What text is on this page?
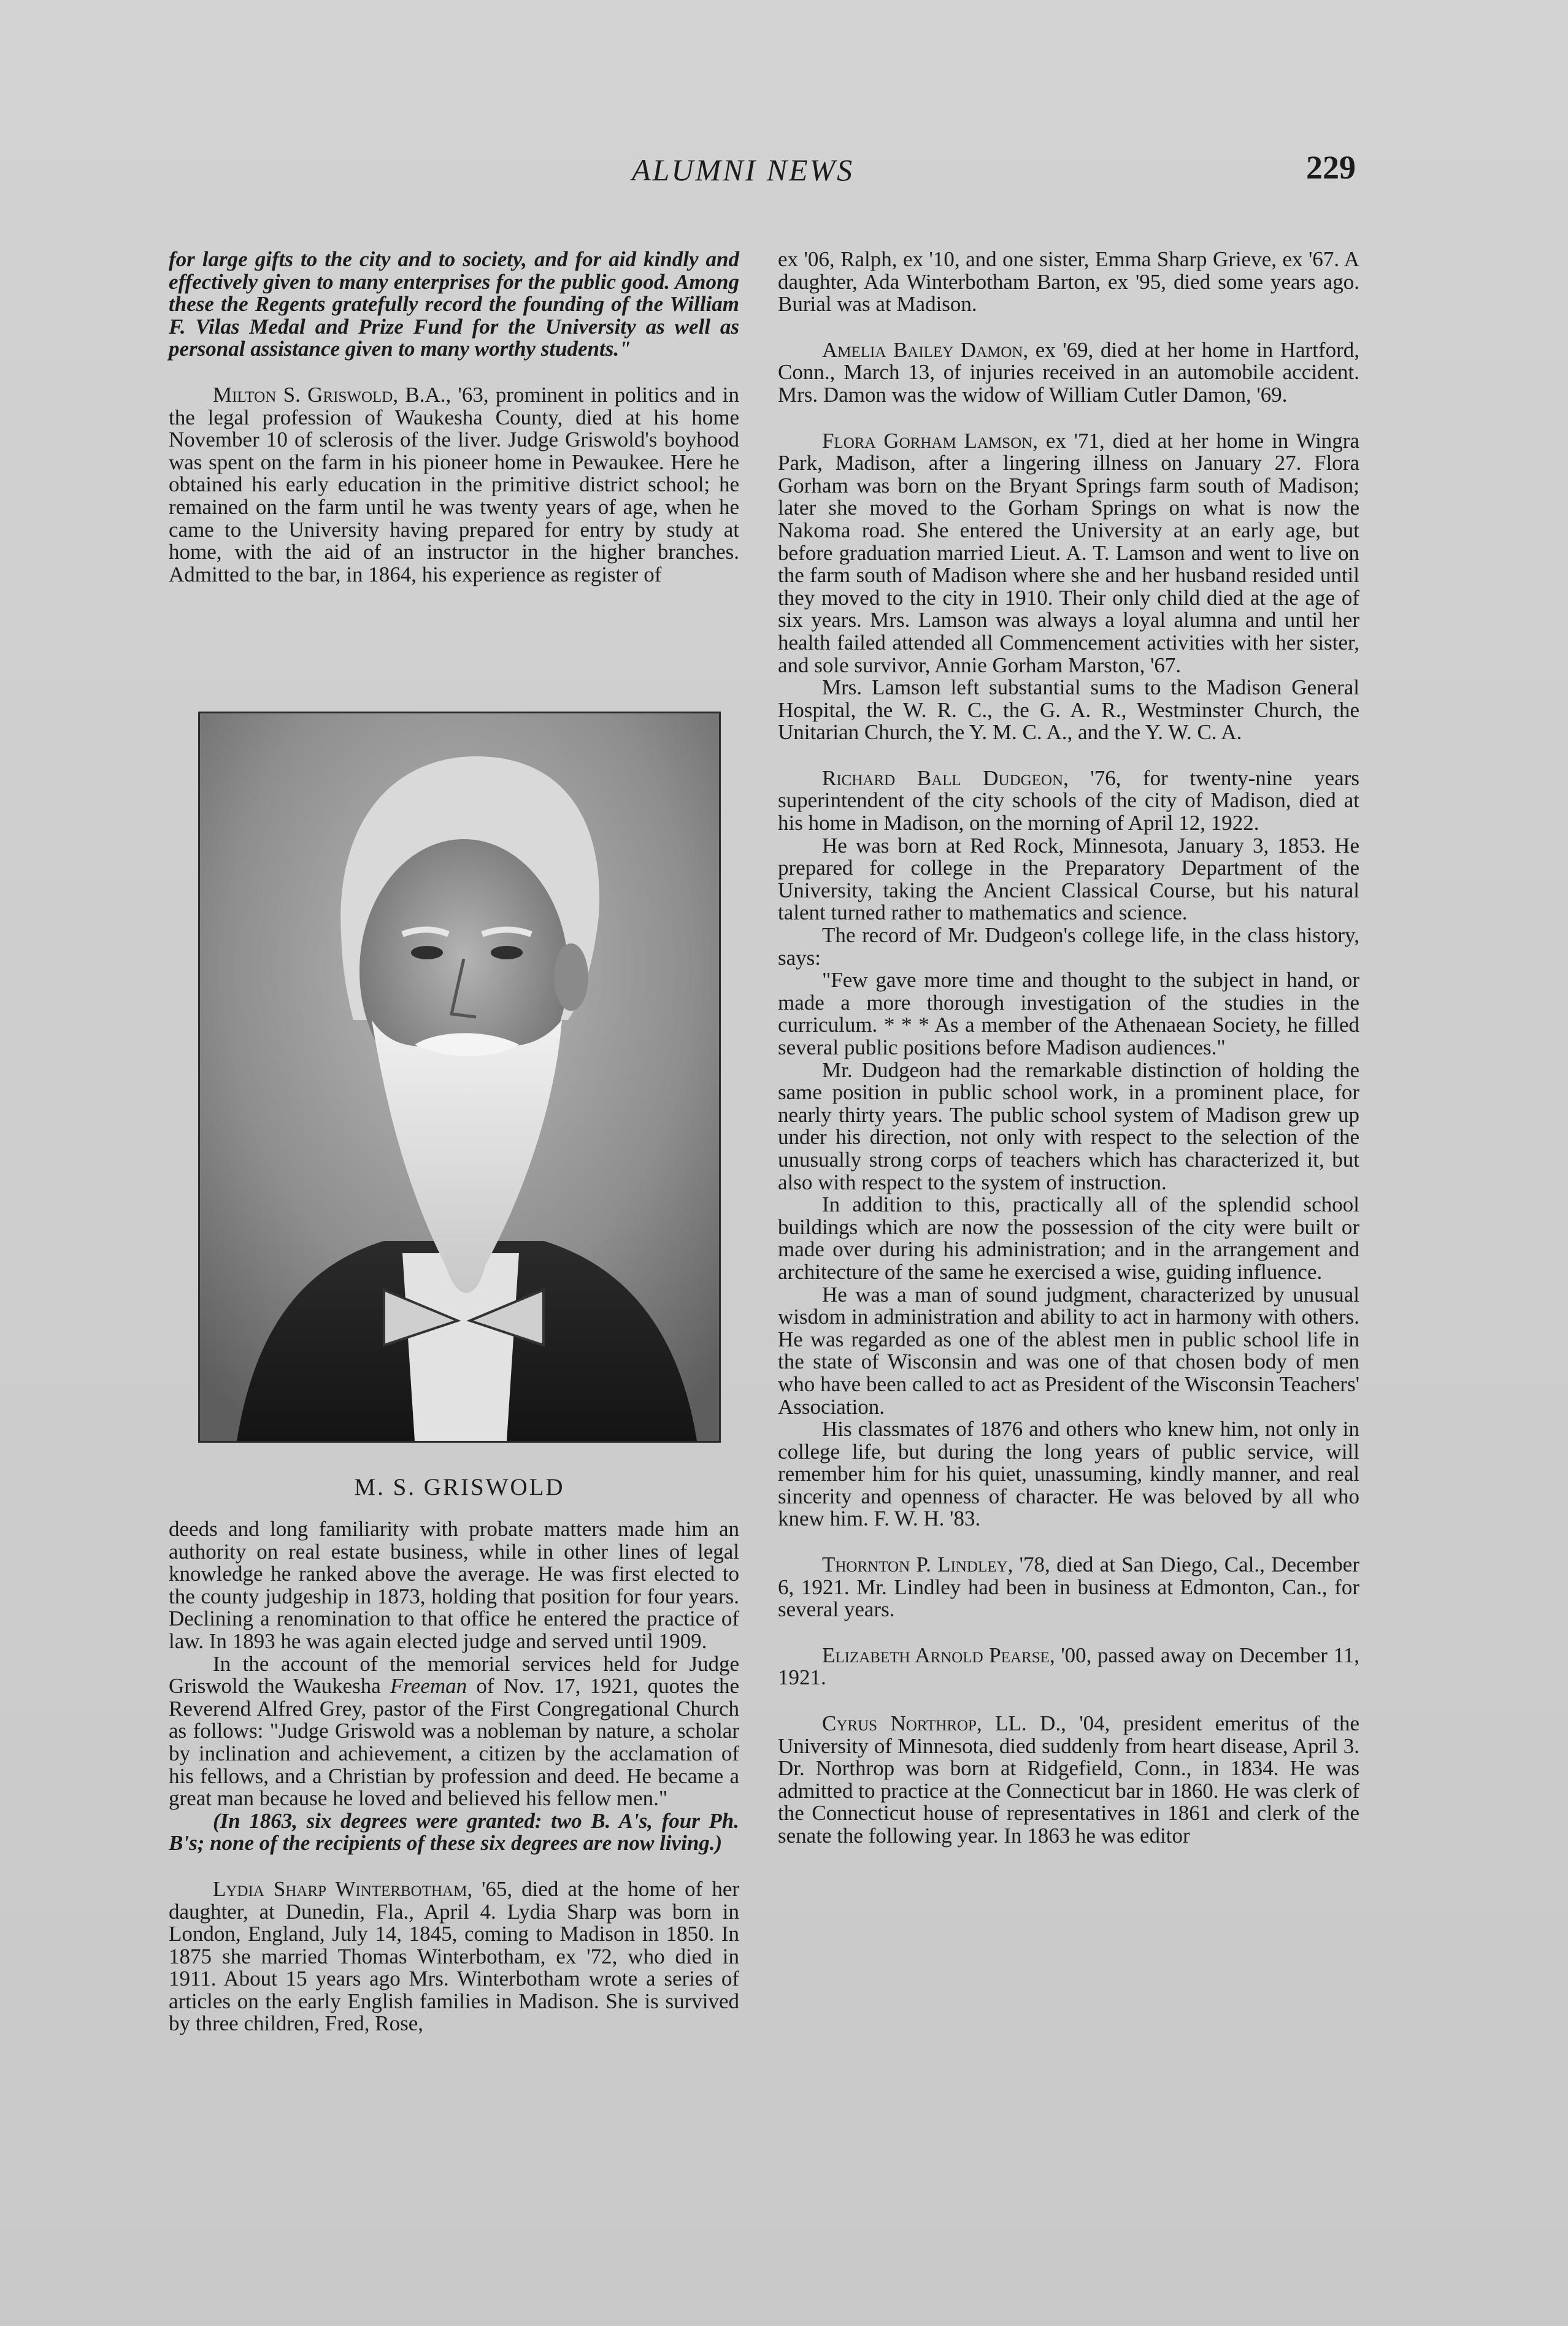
ALUMNI NEWS	229

for large gifts to the city and to society, and for aid kindly and effectively given to many enterprises for the public good. Among these the Regents gratefully record the founding of the William F. Vilas Medal and Prize Fund for the University as well as personal assistance given to many worthy students."

Milton S. Griswold, B.A., '63, prominent in politics and in the legal profession of Waukesha County, died at his home November 10 of sclerosis of the liver. Judge Griswold's boyhood was spent on the farm in his pioneer home in Pewaukee. Here he obtained his early education in the primitive district school; he remained on the farm until he was twenty years of age, when he came to the University having prepared for entry by study at home, with the aid of an instructor in the higher branches. Admitted to the bar, in 1864, his experience as register of

M. S. GRISWOLD

deeds and long familiarity with probate matters made him an authority on real estate business, while in other lines of legal knowledge he ranked above the average. He was first elected to the county judgeship in 1873, holding that position for four years. Declining a renomination to that office he entered the practice of law. In 1893 he was again elected judge and served until 1909.

In the account of the memorial services held for Judge Griswold the Waukesha Freeman of Nov. 17, 1921, quotes the Reverend Alfred Grey, pastor of the First Congregational Church as follows: "Judge Griswold was a nobleman by nature, a scholar by inclination and achievement, a citizen by the acclamation of his fellows, and a Christian by profession and deed. He became a great man because he loved and believed his fellow men."

(In 1863, six degrees were granted: two B. A's, four Ph. B's; none of the recipients of these six degrees are now living.)

Lydia Sharp Winterbotham, '65, died at the home of her daughter, at Dunedin, Fla., April 4. Lydia Sharp was born in London, England, July 14, 1845, coming to Madison in 1850. In 1875 she married Thomas Winterbotham, ex '72, who died in 1911. About 15 years ago Mrs. Winterbotham wrote a series of articles on the early English families in Madison. She is survived by three children, Fred, Rose,

ex '06, Ralph, ex '10, and one sister, Emma Sharp Grieve, ex '67. A daughter, Ada Winterbotham Barton, ex '95, died some years ago. Burial was at Madison.

Amelia Bailey Damon, ex '69, died at her home in Hartford, Conn., March 13, of injuries received in an automobile accident. Mrs. Damon was the widow of William Cutler Damon, '69.

Flora Gorham Lamson, ex '71, died at her home in Wingra Park, Madison, after a lingering illness on January 27. Flora Gorham was born on the Bryant Springs farm south of Madison; later she moved to the Gorham Springs on what is now the Nakoma road. She entered the University at an early age, but before graduation married Lieut. A. T. Lamson and went to live on the farm south of Madison where she and her husband resided until they moved to the city in 1910. Their only child died at the age of six years. Mrs. Lamson was always a loyal alumna and until her health failed attended all Commencement activities with her sister, and sole survivor, Annie Gorham Marston, '67.

Mrs. Lamson left substantial sums to the Madison General Hospital, the W. R. C., the G. A. R., Westminster Church, the Unitarian Church, the Y. M. C. A., and the Y. W. C. A.

Richard Ball Dudgeon, '76, for twenty-nine years superintendent of the city schools of the city of Madison, died at his home in Madison, on the morning of April 12, 1922.

He was born at Red Rock, Minnesota, January 3, 1853. He prepared for college in the Preparatory Department of the University, taking the Ancient Classical Course, but his natural talent turned rather to mathematics and science.

The record of Mr. Dudgeon's college life, in the class history, says:

"Few gave more time and thought to the subject in hand, or made a more thorough investigation of the studies in the curriculum. * * * As a member of the Athenaean Society, he filled several public positions before Madison audiences."

Mr. Dudgeon had the remarkable distinction of holding the same position in public school work, in a prominent place, for nearly thirty years. The public school system of Madison grew up under his direction, not only with respect to the selection of the unusually strong corps of teachers which has characterized it, but also with respect to the system of instruction.

In addition to this, practically all of the splendid school buildings which are now the possession of the city were built or made over during his administration; and in the arrangement and architecture of the same he exercised a wise, guiding influence.

He was a man of sound judgment, characterized by unusual wisdom in administration and ability to act in harmony with others. He was regarded as one of the ablest men in public school life in the state of Wisconsin and was one of that chosen body of men who have been called to act as President of the Wisconsin Teachers' Association.

His classmates of 1876 and others who knew him, not only in college life, but during the long years of public service, will remember him for his quiet, unassuming, kindly manner, and real sincerity and openness of character. He was beloved by all who knew him. F. W. H. '83.

Thornton P. Lindley, '78, died at San Diego, Cal., December 6, 1921. Mr. Lindley had been in business at Edmonton, Can., for several years.

Elizabeth Arnold Pearse, '00, passed away on December 11, 1921.

Cyrus Northrop, LL. D., '04, president emeritus of the University of Minnesota, died suddenly from heart disease, April 3. Dr. Northrop was born at Ridgefield, Conn., in 1834. He was admitted to practice at the Connecticut bar in 1860. He was clerk of the Connecticut house of representatives in 1861 and clerk of the senate the following year. In 1863 he was editor
